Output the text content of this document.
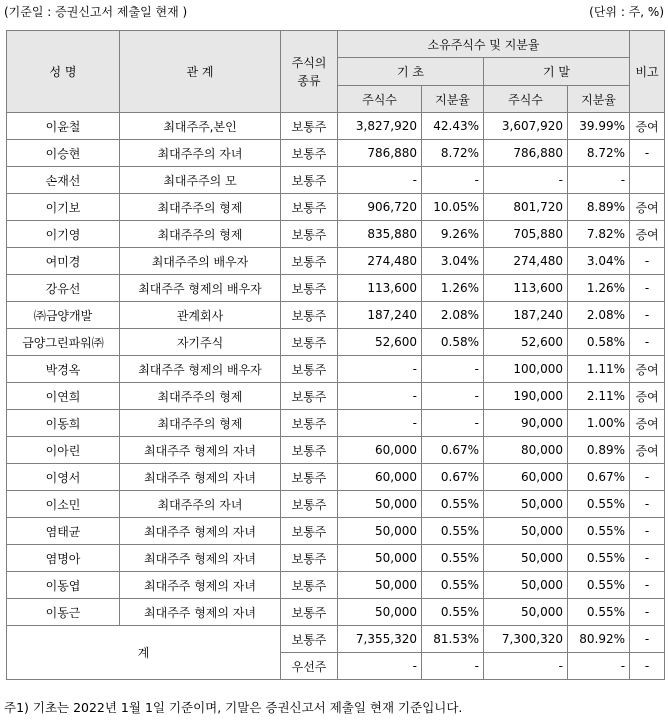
(기준일 : 증권신고서 제출일 현재 )	(단위 : 주, %)
성 명	관 계	주식의
종류	소유주식수 및 지분율				비고
			기 초		기 말		
			주식수	지분율	주식수	지분율	
이윤철	최대주주,본인	보통주	3,827,920	42.43%	3,607,920	39.99%	증여
이승현	최대주주의 자녀	보통주	786,880	8.72%	786,880	8.72%	-
손재선	최대주주의 모	보통주	-	-	-	-	
이기보	최대주주의 형제	보통주	906,720	10.05%	801,720	8.89%	증여
이기영	최대주주의 형제	보통주	835,880	9.26%	705,880	7.82%	증여
여미경	최대주주의 배우자	보통주	274,480	3.04%	274,480	3.04%	-
강유선	최대주주 형제의 배우자	보통주	113,600	1.26%	113,600	1.26%	-
㈜금양개발	관계회사	보통주	187,240	2.08%	187,240	2.08%	-
금양그린파워㈜	자기주식	보통주	52,600	0.58%	52,600	0.58%	-
박경옥	최대주주 형제의 배우자	보통주	-	-	100,000	1.11%	증여
이연희	최대주주의 형제	보통주	-	-	190,000	2.11%	증여
이동희	최대주주의 형제	보통주	-	-	90,000	1.00%	증여
이아린	최대주주 형제의 자녀	보통주	60,000	0.67%	80,000	0.89%	증여
이영서	최대주주 형제의 자녀	보통주	60,000	0.67%	60,000	0.67%	-
이소민	최대주주의 자녀	보통주	50,000	0.55%	50,000	0.55%	-
염태균	최대주주 형제의 자녀	보통주	50,000	0.55%	50,000	0.55%	-
염명아	최대주주 형제의 자녀	보통주	50,000	0.55%	50,000	0.55%	-
이동엽	최대주주 형제의 자녀	보통주	50,000	0.55%	50,000	0.55%	-
이동근	최대주주 형제의 자녀	보통주	50,000	0.55%	50,000	0.55%	-
계		보통주	7,355,320	81.53%	7,300,320	80.92%	-
		우선주	-	-	-	-	-
주1) 기초는 2022년 1월 1일 기준이며, 기말은 증권신고서 제출일 현재 기준입니다.
